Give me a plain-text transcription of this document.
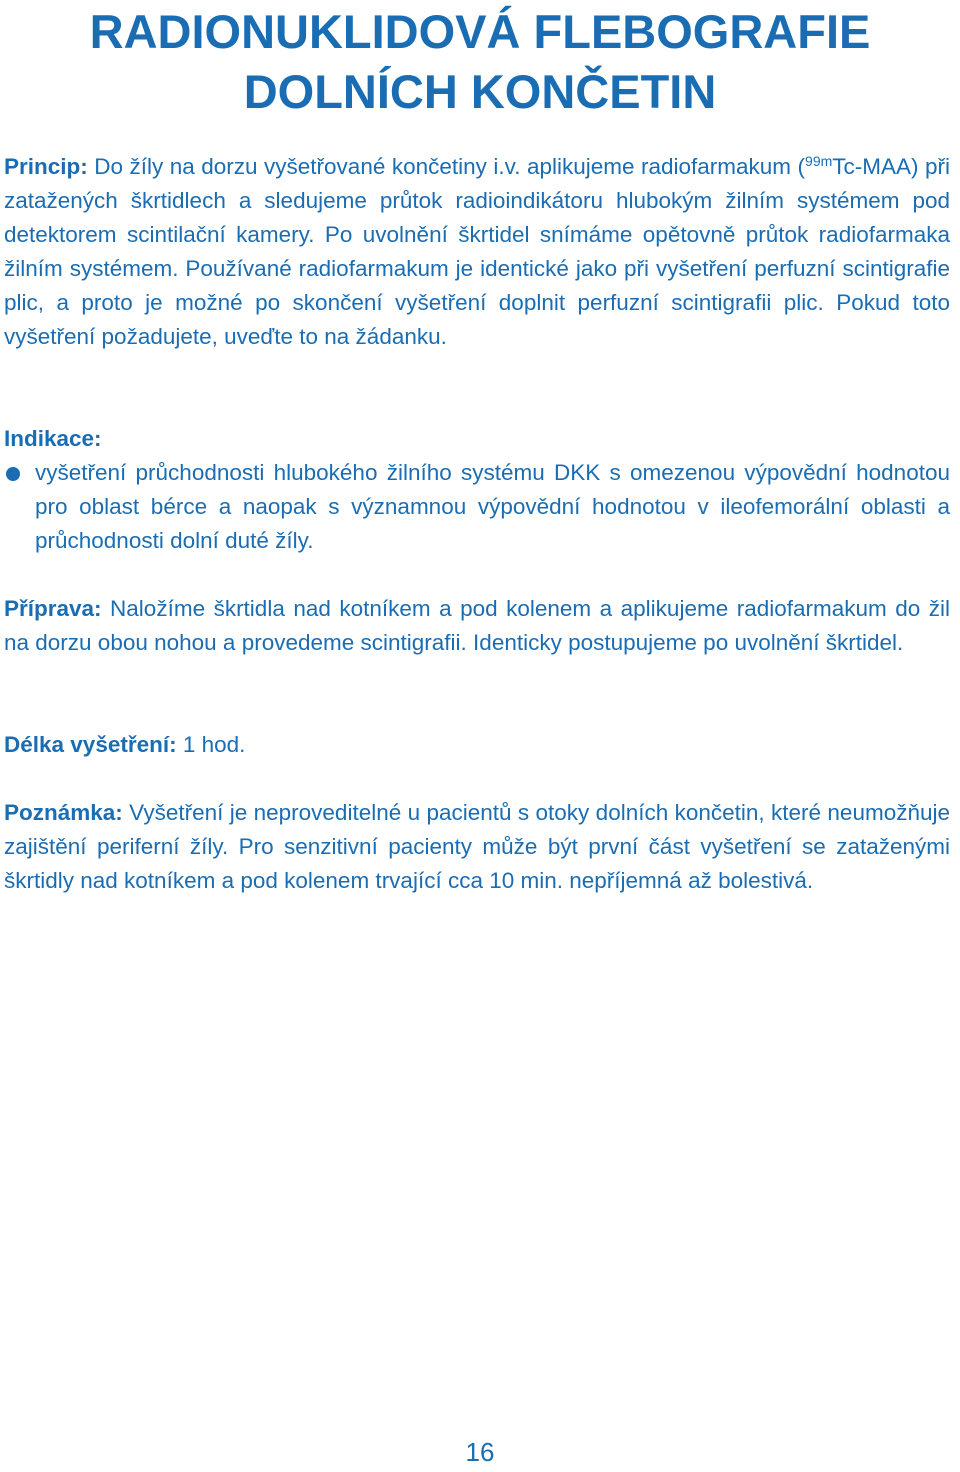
RADIONUKLIDOVÁ FLEBOGRAFIE
DOLNÍCH KONČETIN

Princip: Do žíly na dorzu vyšetřované končetiny i.v. aplikujeme radiofarmakum ($^{99m}$Tc-MAA) při zatažených škrtidlech a sledujeme průtok radioindikátoru hlubokým žilním systémem pod detektorem scintilační kamery. Po uvolnění škrtidel snímáme opětovně průtok radiofarmaka žilním systémem. Používané radiofarmakum je identické jako při vyšetření perfuzní scintigrafie plic, a proto je možné po skončení vyšetření doplnit perfuzní scintigrafii plic. Pokud toto vyšetření požadujete, uveďte to na žádanku.

Indikace:

vyšetření průchodnosti hlubokého žilního systému DKK s omezenou výpovědní hodnotou pro oblast bérce a naopak s významnou výpovědní hodnotou v ileofemorální oblasti a průchodnosti dolní duté žíly.

Příprava: Naložíme škrtidla nad kotníkem a pod kolenem a aplikujeme radiofarmakum do žil na dorzu obou nohou a provedeme scintigrafii. Identicky postupujeme po uvolnění škrtidel.

Délka vyšetření: 1 hod.

Poznámka: Vyšetření je neproveditelné u pacientů s otoky dolních končetin, které neumožňuje zajištění periferní žíly. Pro senzitivní pacienty může být první část vyšetření se zataženými škrtidly nad kotníkem a pod kolenem trvající cca 10 min. nepříjemná až bolestivá.

16
